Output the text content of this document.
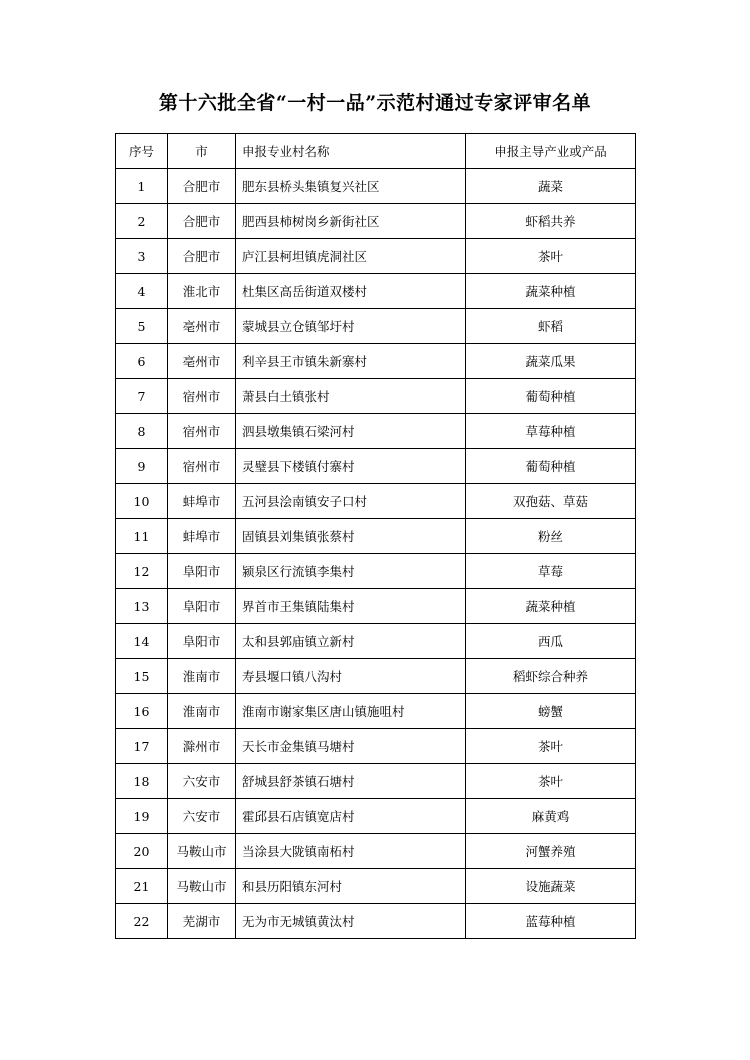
第十六批全省“一村一品”示范村通过专家评审名单
序号	市	申报专业村名称	申报主导产业或产品
1	合肥市	肥东县桥头集镇复兴社区	蔬菜
2	合肥市	肥西县柿树岗乡新街社区	虾稻共养
3	合肥市	庐江县柯坦镇虎洞社区	茶叶
4	淮北市	杜集区高岳街道双楼村	蔬菜种植
5	亳州市	蒙城县立仓镇邹圩村	虾稻
6	亳州市	利辛县王市镇朱新寨村	蔬菜瓜果
7	宿州市	萧县白土镇张村	葡萄种植
8	宿州市	泗县墩集镇石梁河村	草莓种植
9	宿州市	灵璧县下楼镇付寨村	葡萄种植
10	蚌埠市	五河县浍南镇安子口村	双孢菇、草菇
11	蚌埠市	固镇县刘集镇张蔡村	粉丝
12	阜阳市	颍泉区行流镇李集村	草莓
13	阜阳市	界首市王集镇陆集村	蔬菜种植
14	阜阳市	太和县郭庙镇立新村	西瓜
15	淮南市	寿县堰口镇八沟村	稻虾综合种养
16	淮南市	淮南市谢家集区唐山镇施咀村	螃蟹
17	滁州市	天长市金集镇马塘村	茶叶
18	六安市	舒城县舒茶镇石塘村	茶叶
19	六安市	霍邱县石店镇宽店村	麻黄鸡
20	马鞍山市	当涂县大陇镇南柘村	河蟹养殖
21	马鞍山市	和县历阳镇东河村	设施蔬菜
22	芜湖市	无为市无城镇黄汰村	蓝莓种植
